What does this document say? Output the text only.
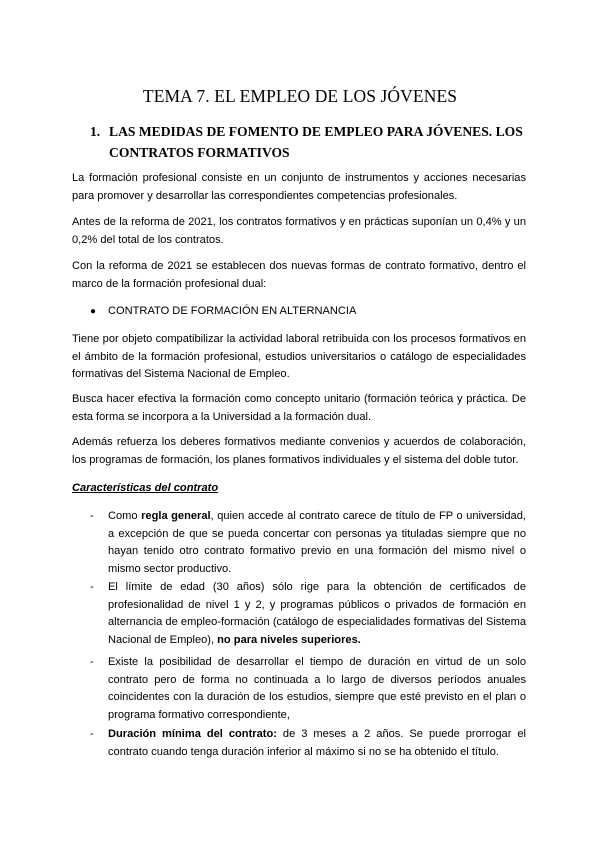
TEMA 7. EL EMPLEO DE LOS JÓVENES
1. LAS MEDIDAS DE FOMENTO DE EMPLEO PARA JÓVENES. LOS CONTRATOS FORMATIVOS

La formación profesional consiste en un conjunto de instrumentos y acciones necesarias para promover y desarrollar las correspondientes competencias profesionales.

Antes de la reforma de 2021, los contratos formativos y en prácticas suponían un 0,4% y un 0,2% del total de los contratos.

Con la reforma de 2021 se establecen dos nuevas formas de contrato formativo, dentro el marco de la formación profesional dual:

● CONTRATO DE FORMACIÓN EN ALTERNANCIA

Tiene por objeto compatibilizar la actividad laboral retribuida con los procesos formativos en el ámbito de la formación profesional, estudios universitarios o catálogo de especialidades formativas del Sistema Nacional de Empleo.

Busca hacer efectiva la formación como concepto unitario (formación teórica y práctica. De esta forma se incorpora a la Universidad a la formación dual.

Además refuerza los deberes formativos mediante convenios y acuerdos de colaboración, los programas de formación, los planes formativos individuales y el sistema del doble tutor.

Características del contrato

- Como regla general, quien accede al contrato carece de título de FP o universidad, a excepción de que se pueda concertar con personas ya tituladas siempre que no hayan tenido otro contrato formativo previo en una formación del mismo nivel o mismo sector productivo.
- El límite de edad (30 años) sólo rige para la obtención de certificados de profesionalidad de nivel 1 y 2, y programas públicos o privados de formación en alternancia de empleo-formación (catálogo de especialidades formativas del Sistema Nacional de Empleo), no para niveles superiores.
- Existe la posibilidad de desarrollar el tiempo de duración en virtud de un solo contrato pero de forma no continuada a lo largo de diversos períodos anuales coincidentes con la duración de los estudios, siempre que esté previsto en el plan o programa formativo correspondiente,
- Duración mínima del contrato: de 3 meses a 2 años. Se puede prorrogar el contrato cuando tenga duración inferior al máximo si no se ha obtenido el título.
